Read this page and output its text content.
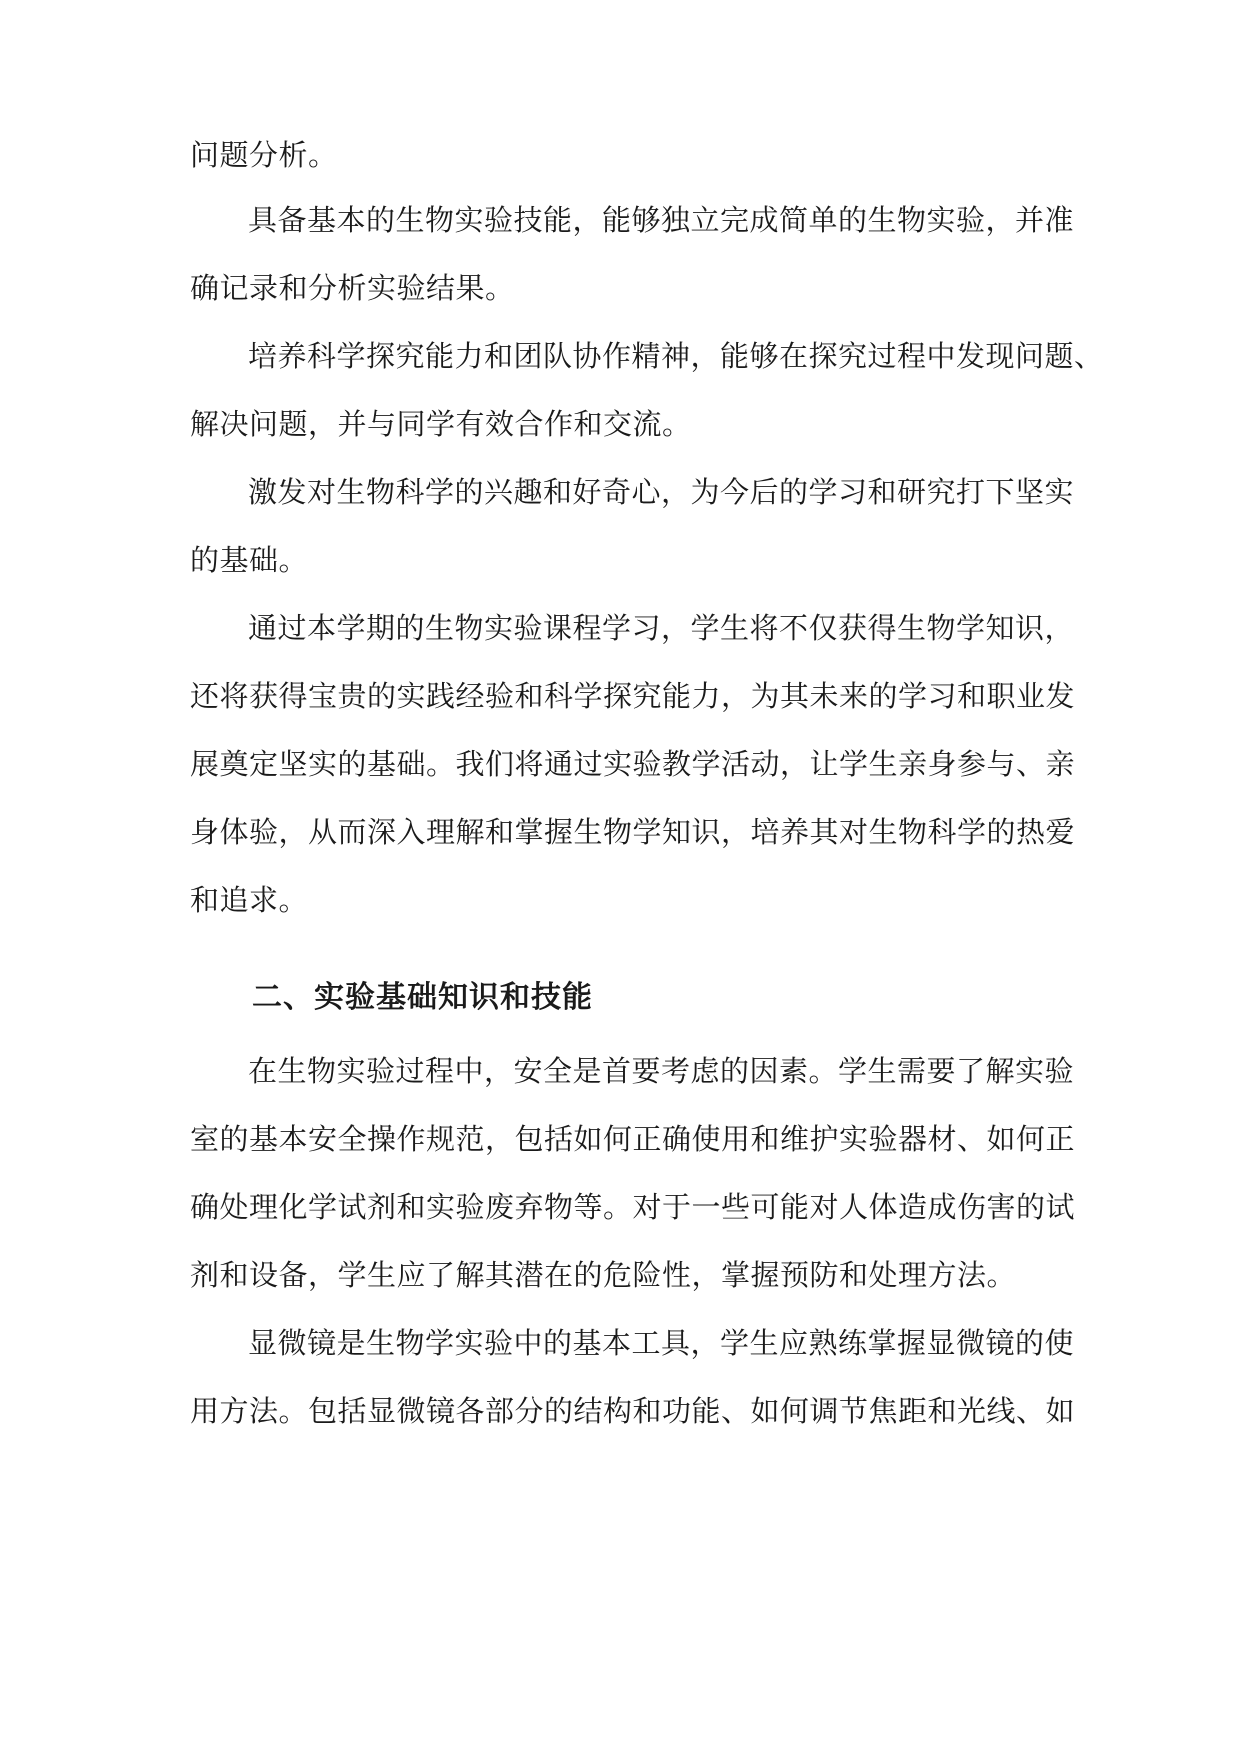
问题分析。
具备基本的生物实验技能，能够独立完成简单的生物实验，并准
确记录和分析实验结果。
培养科学探究能力和团队协作精神，能够在探究过程中发现问题、
解决问题，并与同学有效合作和交流。
激发对生物科学的兴趣和好奇心，为今后的学习和研究打下坚实
的基础。
通过本学期的生物实验课程学习，学生将不仅获得生物学知识，
还将获得宝贵的实践经验和科学探究能力，为其未来的学习和职业发
展奠定坚实的基础。我们将通过实验教学活动，让学生亲身参与、亲
身体验，从而深入理解和掌握生物学知识，培养其对生物科学的热爱
和追求。
二、实验基础知识和技能
在生物实验过程中，安全是首要考虑的因素。学生需要了解实验
室的基本安全操作规范，包括如何正确使用和维护实验器材、如何正
确处理化学试剂和实验废弃物等。对于一些可能对人体造成伤害的试
剂和设备，学生应了解其潜在的危险性，掌握预防和处理方法。
显微镜是生物学实验中的基本工具，学生应熟练掌握显微镜的使
用方法。包括显微镜各部分的结构和功能、如何调节焦距和光线、如
